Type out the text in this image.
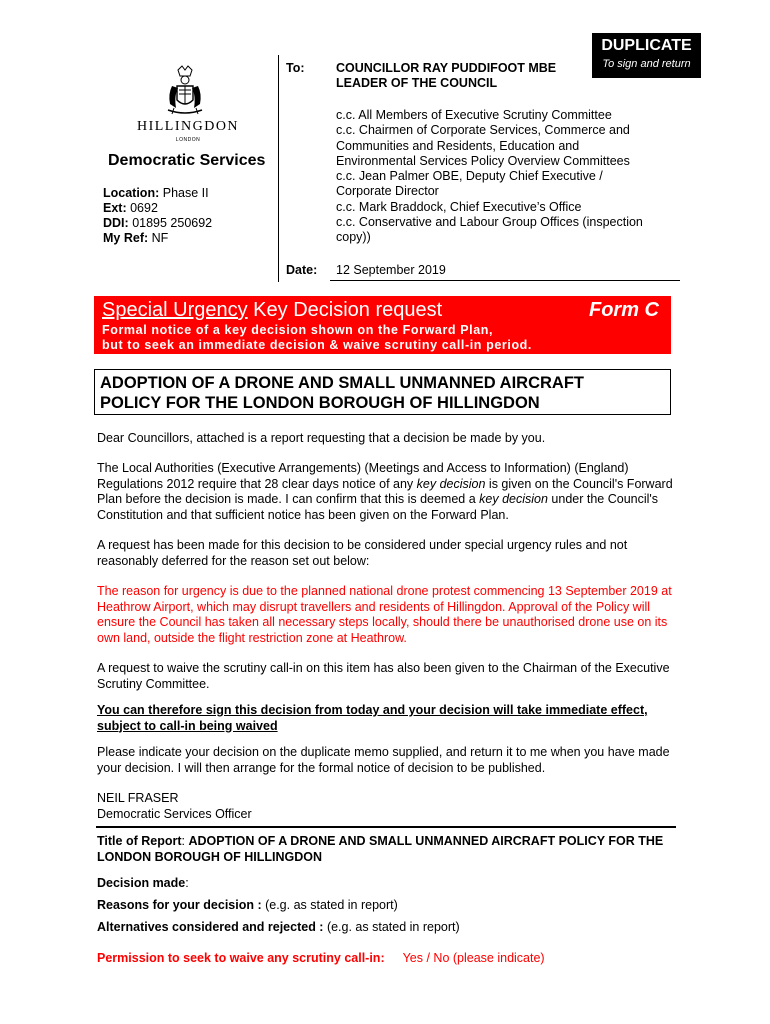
DUPLICATE
To sign and return
HILLINGDON
LONDON
Democratic Services
Location: Phase II
Ext: 0692
DDI: 01895 250692
My Ref: NF
To:	COUNCILLOR RAY PUDDIFOOT MBE
LEADER OF THE COUNCIL
c.c. All Members of Executive Scrutiny Committee
c.c. Chairmen of Corporate Services, Commerce and
Communities and Residents, Education and
Environmental Services Policy Overview Committees
c.c. Jean Palmer OBE, Deputy Chief Executive /
Corporate Director
c.c. Mark Braddock, Chief Executive’s Office
c.c. Conservative and Labour Group Offices (inspection
copy))
Date: 12 September 2019
Special Urgency Key Decision request	Form C
Formal notice of a key decision shown on the Forward Plan,
but to seek an immediate decision & waive scrutiny call-in period.
ADOPTION OF A DRONE AND SMALL UNMANNED AIRCRAFT
POLICY FOR THE LONDON BOROUGH OF HILLINGDON
Dear Councillors, attached is a report requesting that a decision be made by you.
The Local Authorities (Executive Arrangements) (Meetings and Access to Information) (England) Regulations 2012 require that 28 clear days notice of any key decision is given on the Council's Forward Plan before the decision is made. I can confirm that this is deemed a key decision under the Council's Constitution and that sufficient notice has been given on the Forward Plan.
A request has been made for this decision to be considered under special urgency rules and not reasonably deferred for the reason set out below:
The reason for urgency is due to the planned national drone protest commencing 13 September 2019 at Heathrow Airport, which may disrupt travellers and residents of Hillingdon. Approval of the Policy will ensure the Council has taken all necessary steps locally, should there be unauthorised drone use on its own land, outside the flight restriction zone at Heathrow.
A request to waive the scrutiny call-in on this item has also been given to the Chairman of the Executive Scrutiny Committee.
You can therefore sign this decision from today and your decision will take immediate effect, subject to call-in being waived
Please indicate your decision on the duplicate memo supplied, and return it to me when you have made your decision. I will then arrange for the formal notice of decision to be published.
NEIL FRASER
Democratic Services Officer
Title of Report: ADOPTION OF A DRONE AND SMALL UNMANNED AIRCRAFT POLICY FOR THE LONDON BOROUGH OF HILLINGDON
Decision made:
Reasons for your decision : (e.g. as stated in report)
Alternatives considered and rejected : (e.g. as stated in report)
Permission to seek to waive any scrutiny call-in: Yes / No (please indicate)
